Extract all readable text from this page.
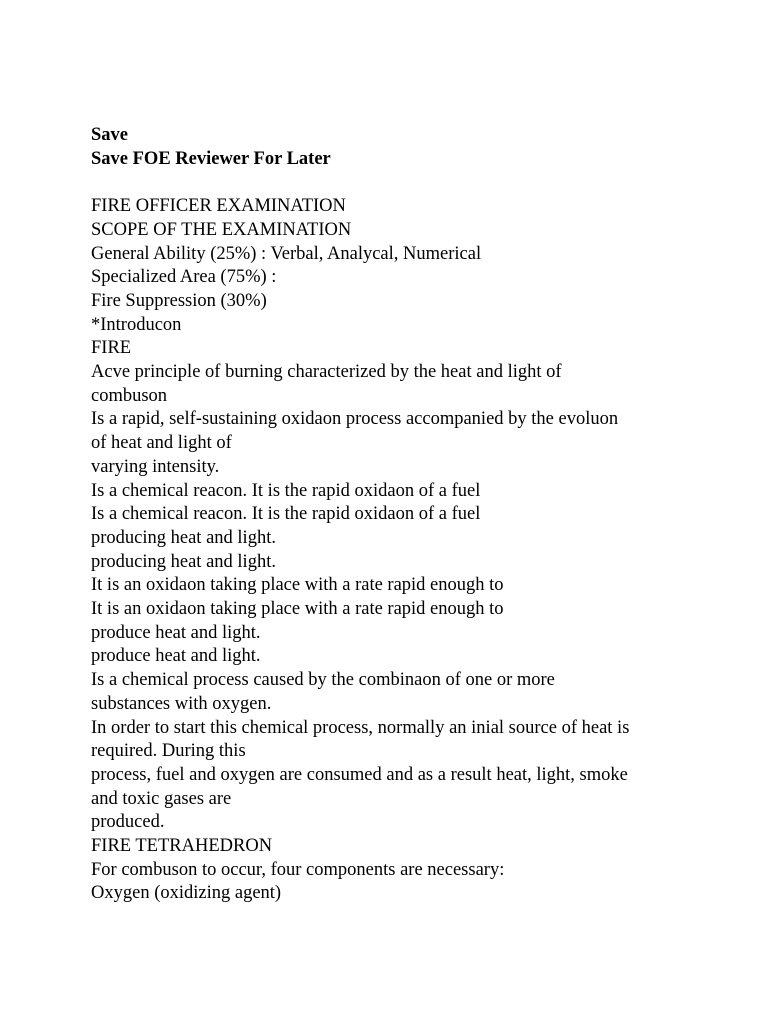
Save
Save FOE Reviewer For Later
FIRE OFFICER EXAMINATION
SCOPE OF THE EXAMINATION
General Ability (25%) : Verbal, Analycal, Numerical
Specialized Area (75%) :
Fire Suppression (30%)
*Introducon
FIRE
Acve principle of burning characterized by the heat and light of
combuson
Is a rapid, self-sustaining oxidaon process accompanied by the evoluon
of heat and light of
varying intensity.
Is a chemical reacon. It is the rapid oxidaon of a fuel
Is a chemical reacon. It is the rapid oxidaon of a fuel
producing heat and light.
producing heat and light.
It is an oxidaon taking place with a rate rapid enough to
It is an oxidaon taking place with a rate rapid enough to
produce heat and light.
produce heat and light.
Is a chemical process caused by the combinaon of one or more
substances with oxygen.
In order to start this chemical process, normally an inial source of heat is
required. During this
process, fuel and oxygen are consumed and as a result heat, light, smoke
and toxic gases are
produced.
FIRE TETRAHEDRON
For combuson to occur, four components are necessary:
Oxygen (oxidizing agent)
